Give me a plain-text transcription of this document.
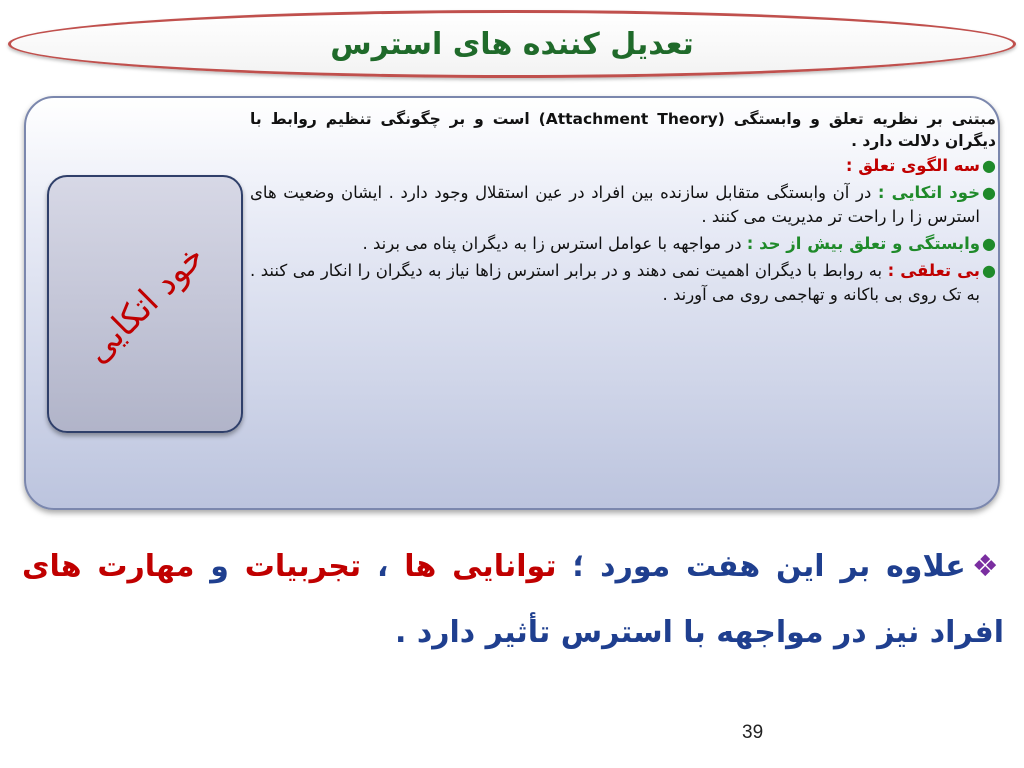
تعدیل کننده های استرس
خود اتکایی

مبتنی بر نظریه تعلق و وابستگی (Attachment Theory) است و بر چگونگی تنظیم روابط با دیگران دلالت دارد .

●
سه الگوی تعلق :
●
خود اتکایی : در آن وابستگی متقابل سازنده بین افراد در عین استقلال وجود دارد . ایشان وضعیت های استرس زا را راحت تر مدیریت می کنند .
●
وابستگی و تعلق بیش از حد : در مواجهه با عوامل استرس زا به دیگران پناه می برند .
●
بی تعلقی : به روابط با دیگران اهمیت نمی دهند و در برابر استرس زاها نیاز به دیگران را انکار می کنند . به تک روی بی باکانه و تهاجمی روی می آورند .
❖علاوه بر این هفت مورد ؛ توانایی ها ، تجربیات و مهارت های افراد نیز در مواجهه با استرس تأثیر دارد .
39
